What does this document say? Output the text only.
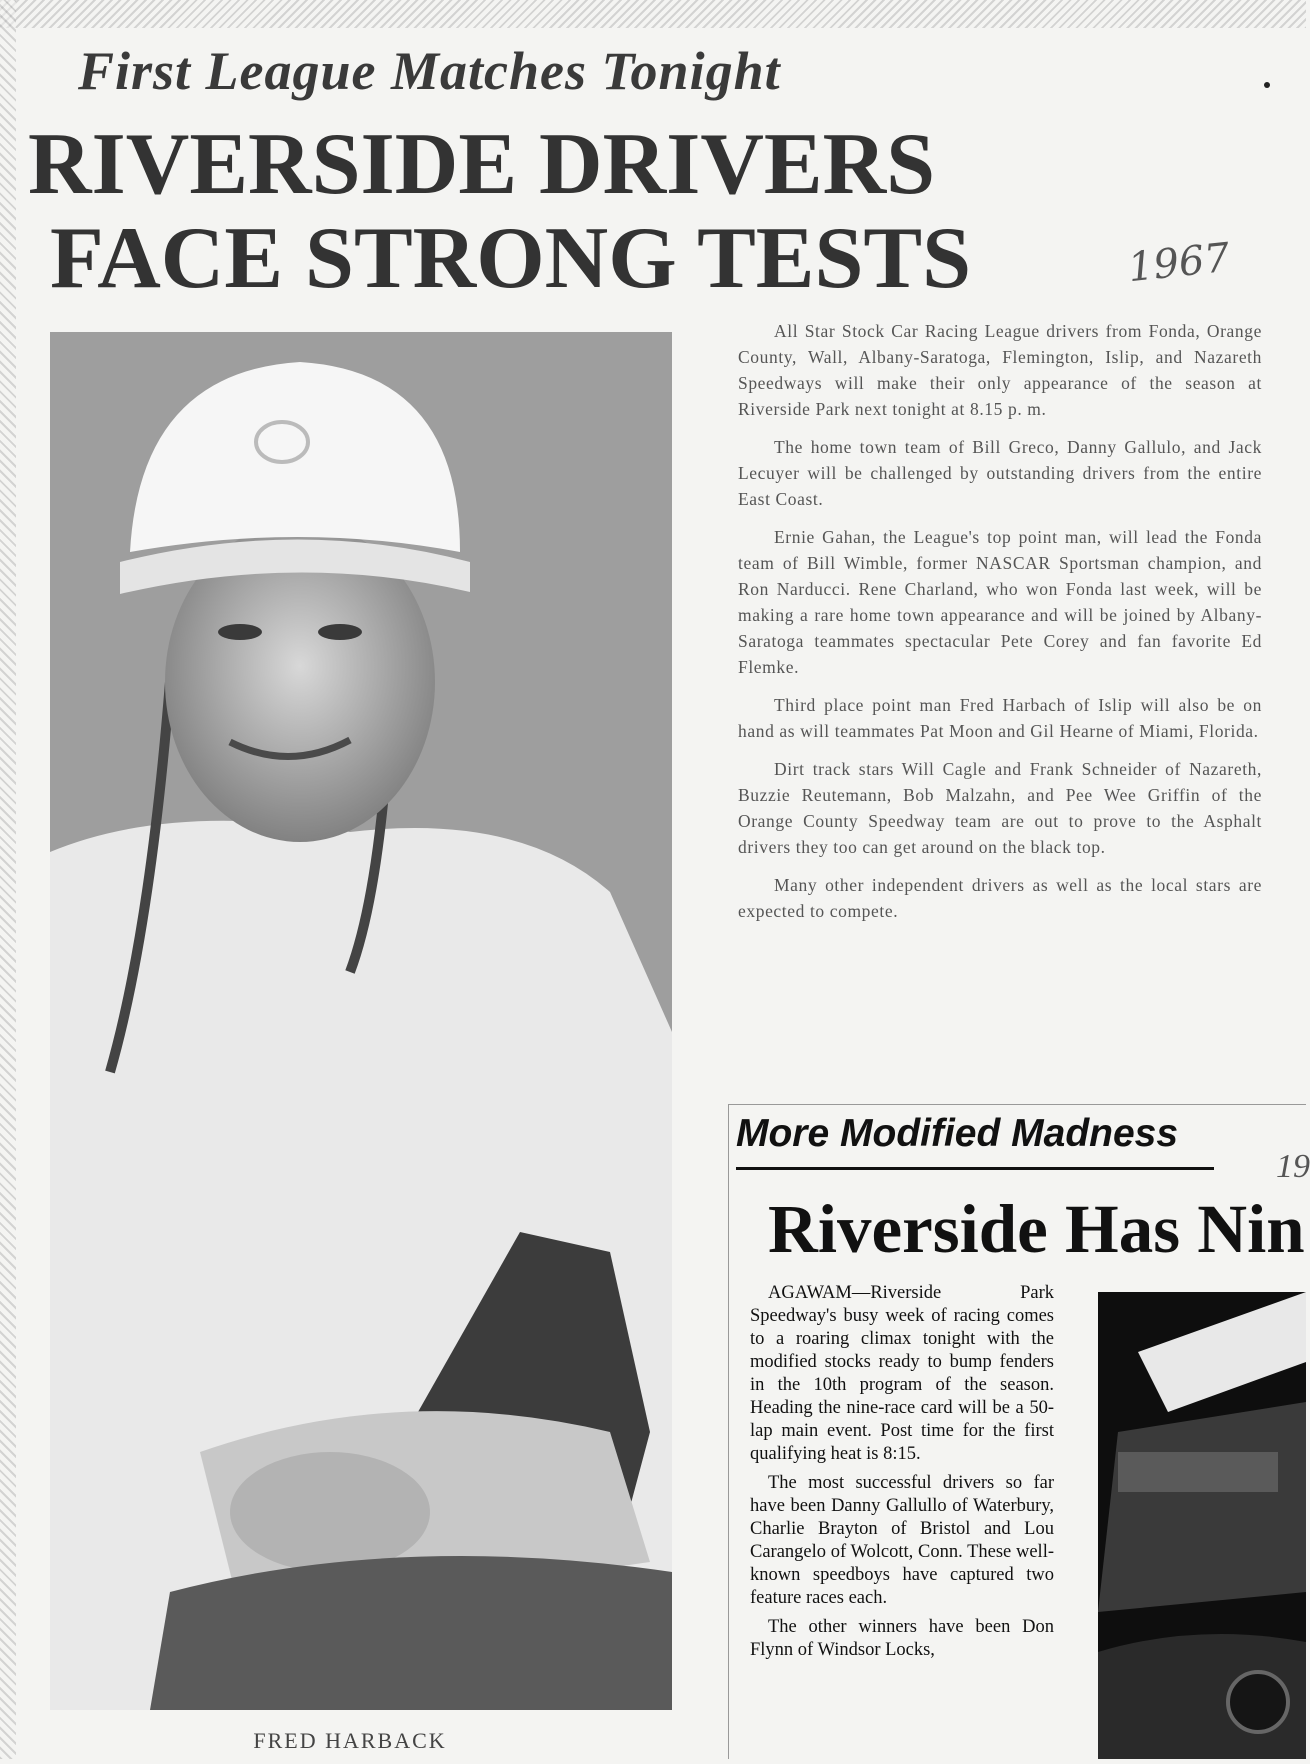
First League Matches Tonight
RIVERSIDE DRIVERS
FACE STRONG TESTS	1967
FRED HARBACK

All Star Stock Car Racing League drivers from Fonda, Orange County, Wall, Albany-Saratoga, Flemington, Islip, and Nazareth Speedways will make their only appearance of the season at Riverside Park next tonight at 8.15 p. m.

The home town team of Bill Greco, Danny Gallulo, and Jack Lecuyer will be challenged by outstanding drivers from the entire East Coast.

Ernie Gahan, the League's top point man, will lead the Fonda team of Bill Wimble, former NASCAR Sportsman champion, and Ron Narducci. Rene Charland, who won Fonda last week, will be making a rare home town appearance and will be joined by Albany-Saratoga teammates spectacular Pete Corey and fan favorite Ed Flemke.

Third place point man Fred Harbach of Islip will also be on hand as will teammates Pat Moon and Gil Hearne of Miami, Florida.

Dirt track stars Will Cagle and Frank Schneider of Nazareth, Buzzie Reutemann, Bob Malzahn, and Pee Wee Griffin of the Orange County Speedway team are out to prove to the Asphalt drivers they too can get around on the black top.

Many other independent drivers as well as the local stars are expected to compete.

More Modified Madness
19
Riverside Has Nin

AGAWAM—Riverside Park Speedway's busy week of racing comes to a roaring climax tonight with the modified stocks ready to bump fenders in the 10th program of the season. Heading the nine-race card will be a 50-lap main event. Post time for the first qualifying heat is 8:15.

The most successful drivers so far have been Danny Gallullo of Waterbury, Charlie Brayton of Bristol and Lou Carangelo of Wolcott, Conn. These well-known speedboys have captured two feature races each.

The other winners have been Don Flynn of Windsor Locks,
